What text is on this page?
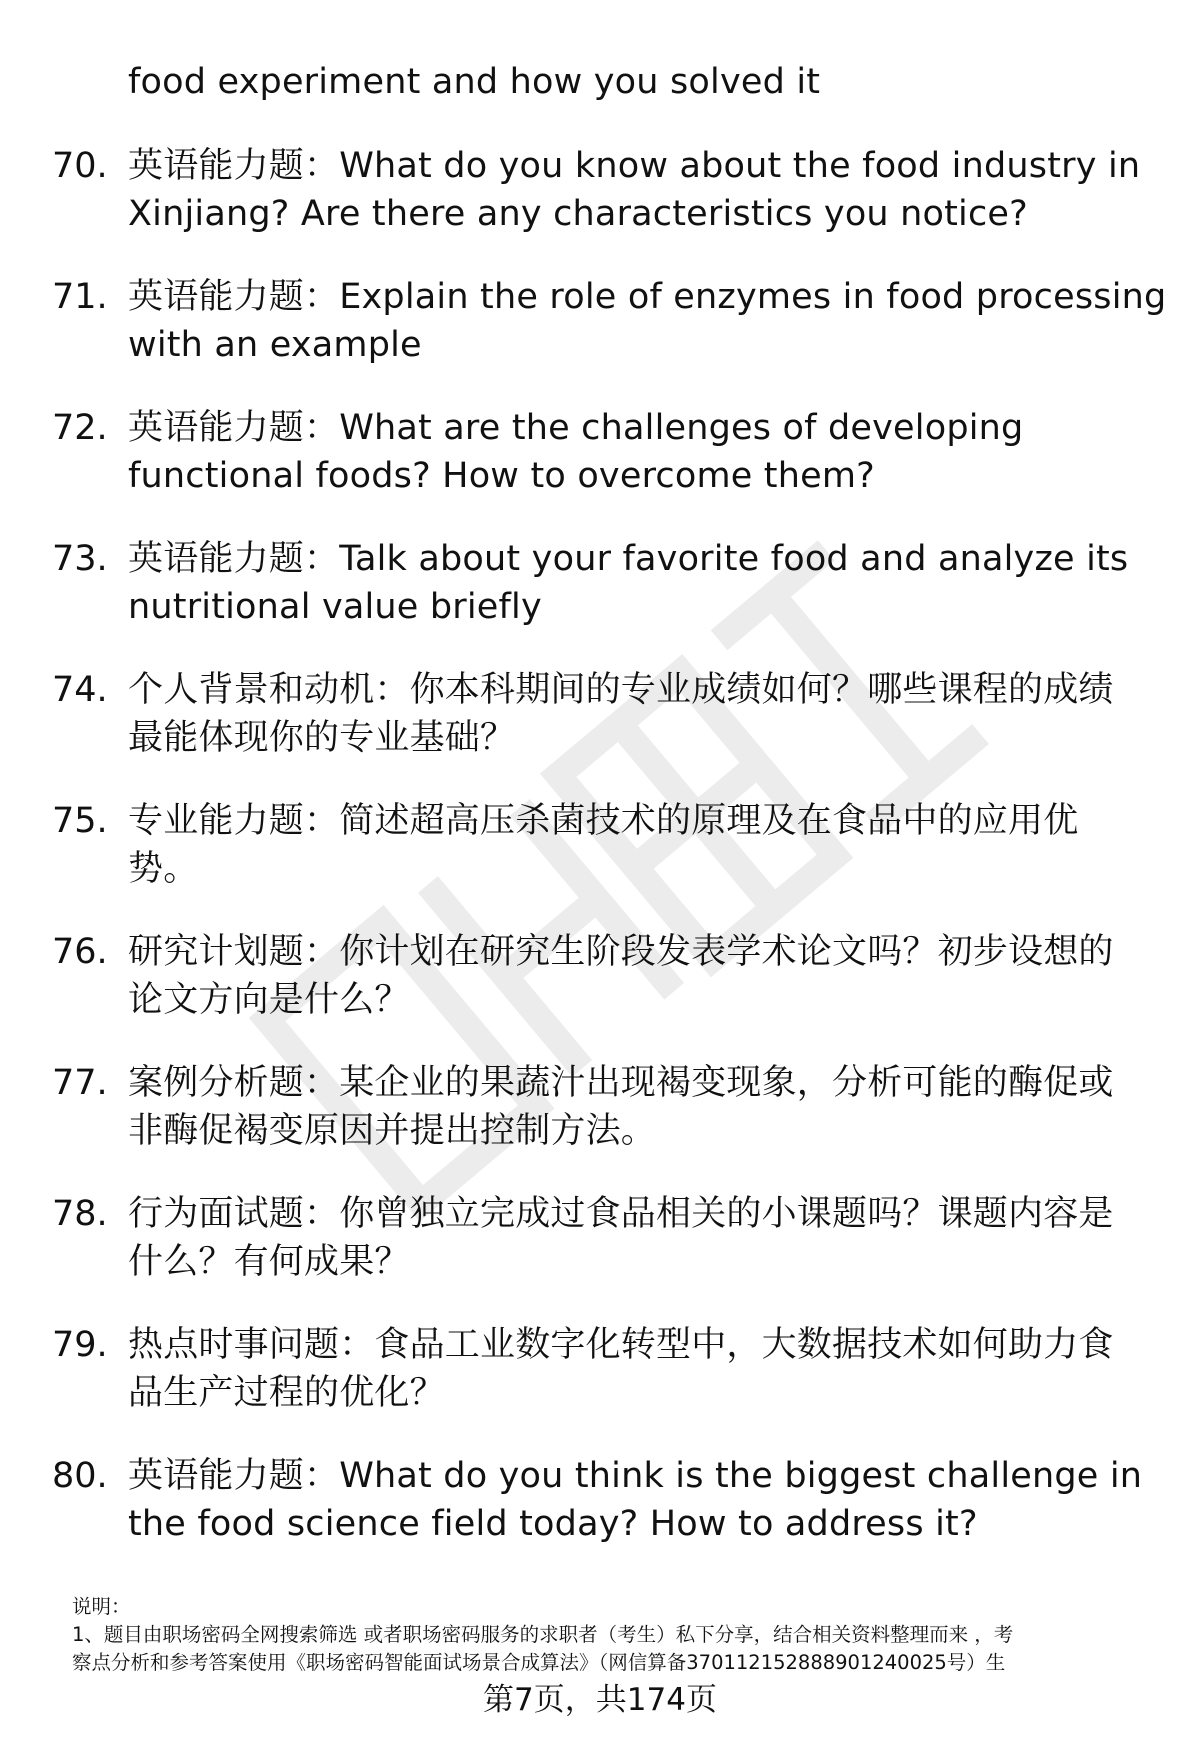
food experiment and how you solved it
70. 英语能力题：What do you know about the food industry in
Xinjiang? Are there any characteristics you notice?
71. 英语能力题：Explain the role of enzymes in food processing
with an example
72. 英语能力题：What are the challenges of developing
functional foods? How to overcome them?
73. 英语能力题：Talk about your favorite food and analyze its
nutritional value briefly
74. 个人背景和动机：你本科期间的专业成绩如何？哪些课程的成绩
最能体现你的专业基础？
75. 专业能力题：简述超高压杀菌技术的原理及在食品中的应用优
势。
76. 研究计划题：你计划在研究生阶段发表学术论文吗？初步设想的
论文方向是什么？
77. 案例分析题：某企业的果蔬汁出现褐变现象，分析可能的酶促或
非酶促褐变原因并提出控制方法。
78. 行为面试题：你曾独立完成过食品相关的小课题吗？课题内容是
什么？有何成果？
79. 热点时事问题：食品工业数字化转型中，大数据技术如何助力食
品生产过程的优化？
80. 英语能力题：What do you think is the biggest challenge in
the food science field today? How to address it?
说明：
1、题目由职场密码全网搜索筛选 或者职场密码服务的求职者（考生）私下分享，结合相关资料整理而来 ，考
察点分析和参考答案使用《职场密码智能面试场景合成算法》（网信算备370112152888901240025号）生
第7页，共174页
